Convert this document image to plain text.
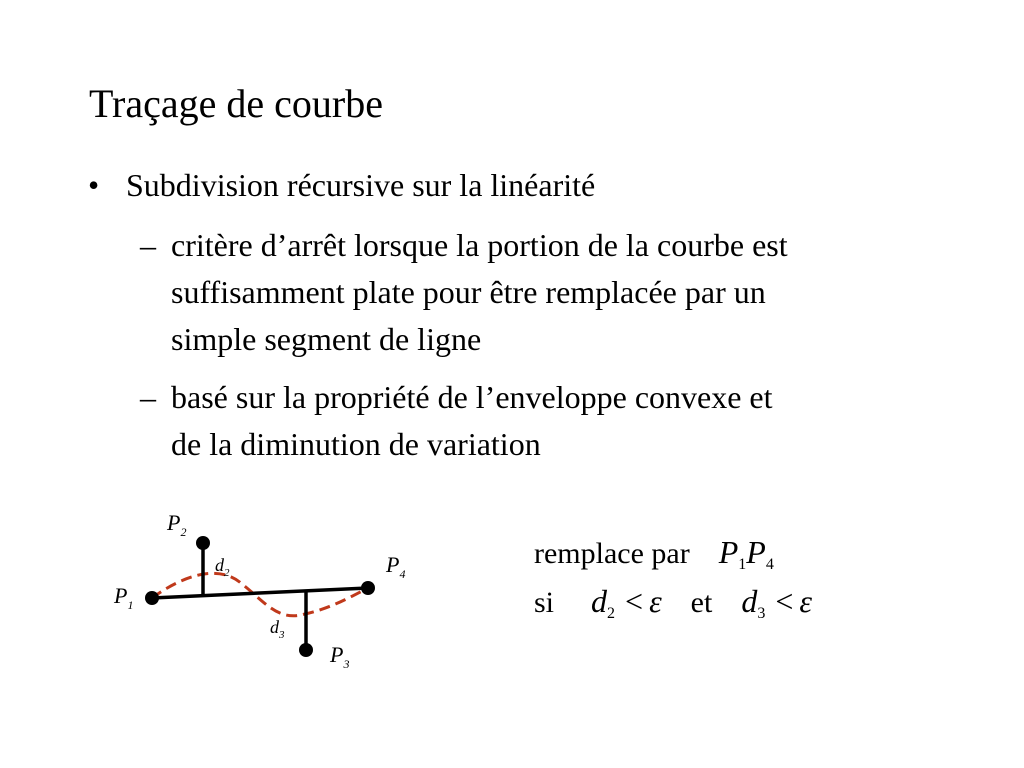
Traçage de courbe
• Subdivision récursive sur la linéarité
– critère d’arrêt lorsque la portion de la courbe est
suffisamment plate pour être remplacée par un
simple segment de ligne
– basé sur la propriété de l’enveloppe convexe et
de la diminution de variation
$P_1$
$P_2$
$P_3$
$P_4$
$d_2$
$d_3$
remplace par $P_1P_4$
si $d_2 < \varepsilon$ et $d_3 < \varepsilon$
